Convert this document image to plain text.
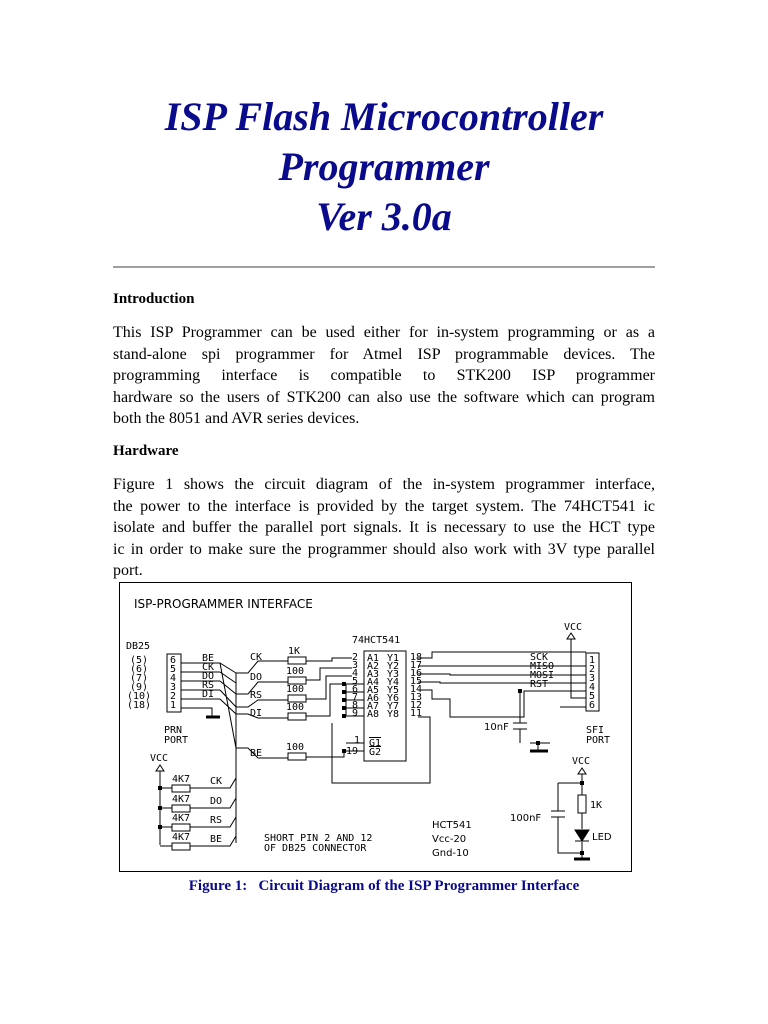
ISP Flash Microcontroller
Programmer
Ver 3.0a
Introduction
This ISP Programmer can be used either for in-system programming or as a
stand-alone spi programmer for Atmel ISP programmable devices. The
programming interface is compatible to STK200 ISP programmer
hardware so the users of STK200 can also use the software which can program
both the 8051 and AVR series devices.
Hardware
Figure 1 shows the circuit diagram of the in-system programmer interface,
the power to the interface is provided by the target system. The 74HCT541 ic
isolate and buffer the parallel port signals. It is necessary to use the HCT type
ic in order to make sure the programmer should also work with 3V type parallel
port.
ISP-PROGRAMMER INTERFACE
DB25
(5)
(6)
(7)
(9)
(10)
(18)
6
5
4
3
2
1
BE
CK
DO
RS
DI
PRN
PORT
CK
DO
RS
DI
BE
1K
100
100
100
100
74HCT541
2
3
4
5
6
7
8
9
A1
A2
A3
A4
A5
A6
A7
A8
Y1
Y2
Y3
Y4
Y5
Y6
Y7
Y8
18
17
16
15
14
13
12
11
1
19
G1
G2
VCC
SCK
MISO
MOSI
RST
1
2
3
4
5
6
SFI
PORT
10nF
VCC
4K7
4K7
4K7
4K7
CK
DO
RS
BE	SHORT PIN 2 AND 12
OF DB25 CONNECTOR
HCT541
Vcc-20
Gnd-10
VCC
1K
100nF
LED
Figure 1:   Circuit Diagram of the ISP Programmer Interface
